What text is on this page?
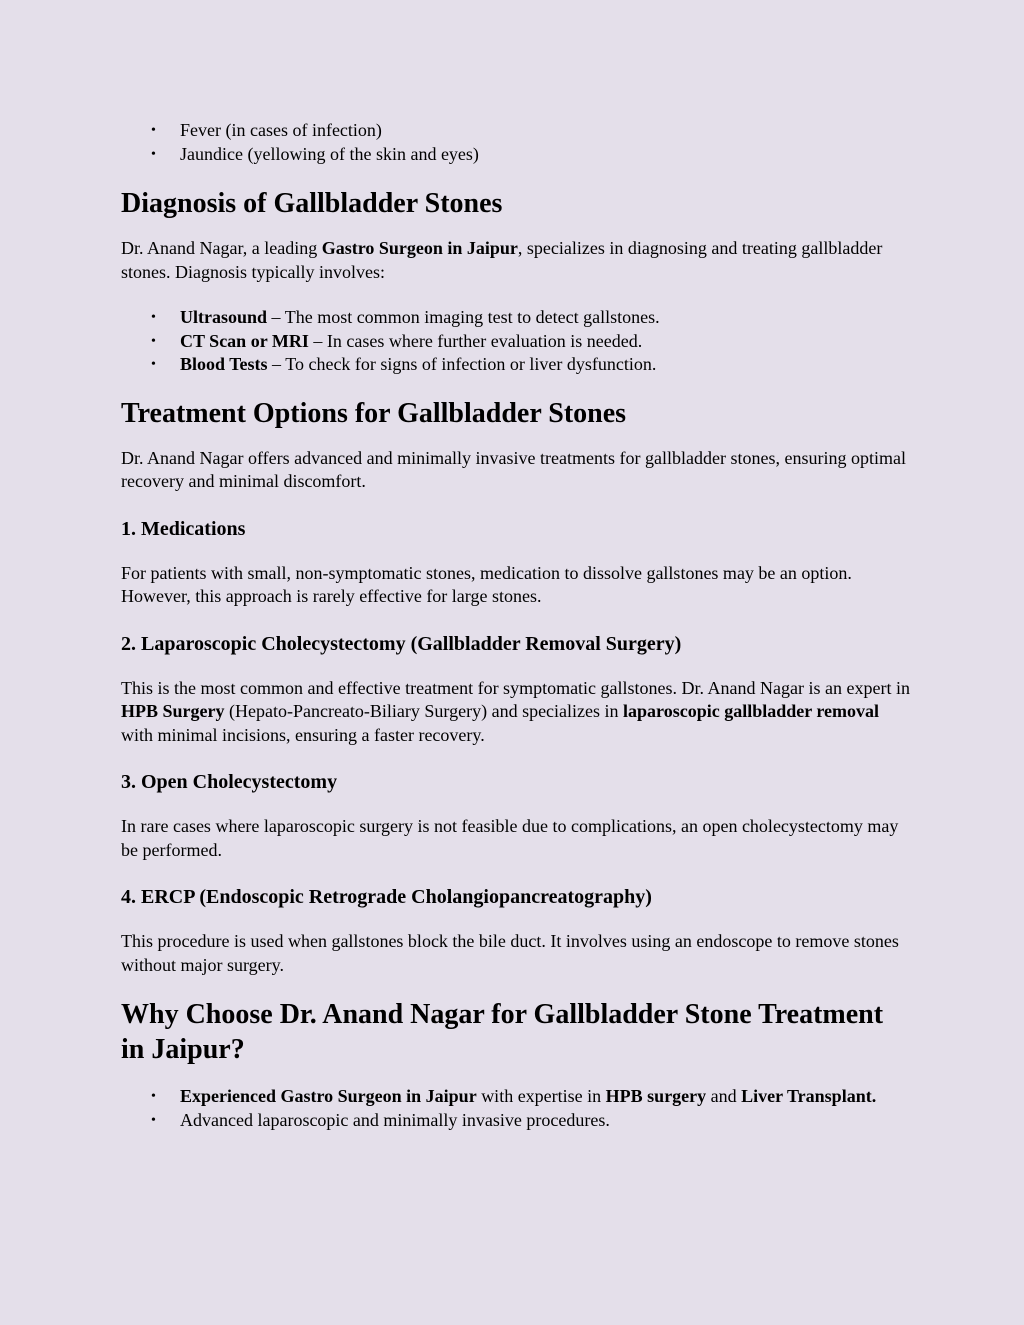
• Fever (in cases of infection)
• Jaundice (yellowing of the skin and eyes)
Diagnosis of Gallbladder Stones

Dr. Anand Nagar, a leading Gastro Surgeon in Jaipur, specializes in diagnosing and treating gallbladder stones. Diagnosis typically involves:

• Ultrasound – The most common imaging test to detect gallstones.
• CT Scan or MRI – In cases where further evaluation is needed.
• Blood Tests – To check for signs of infection or liver dysfunction.
Treatment Options for Gallbladder Stones

Dr. Anand Nagar offers advanced and minimally invasive treatments for gallbladder stones, ensuring optimal recovery and minimal discomfort.

1. Medications

For patients with small, non-symptomatic stones, medication to dissolve gallstones may be an option. However, this approach is rarely effective for large stones.

2. Laparoscopic Cholecystectomy (Gallbladder Removal Surgery)

This is the most common and effective treatment for symptomatic gallstones. Dr. Anand Nagar is an expert in HPB Surgery (Hepato-Pancreato-Biliary Surgery) and specializes in laparoscopic gallbladder removal with minimal incisions, ensuring a faster recovery.

3. Open Cholecystectomy

In rare cases where laparoscopic surgery is not feasible due to complications, an open cholecystectomy may be performed.

4. ERCP (Endoscopic Retrograde Cholangiopancreatography)

This procedure is used when gallstones block the bile duct. It involves using an endoscope to remove stones without major surgery.

Why Choose Dr. Anand Nagar for Gallbladder Stone Treatment in Jaipur?
• Experienced Gastro Surgeon in Jaipur with expertise in HPB surgery and Liver Transplant.
• Advanced laparoscopic and minimally invasive procedures.
